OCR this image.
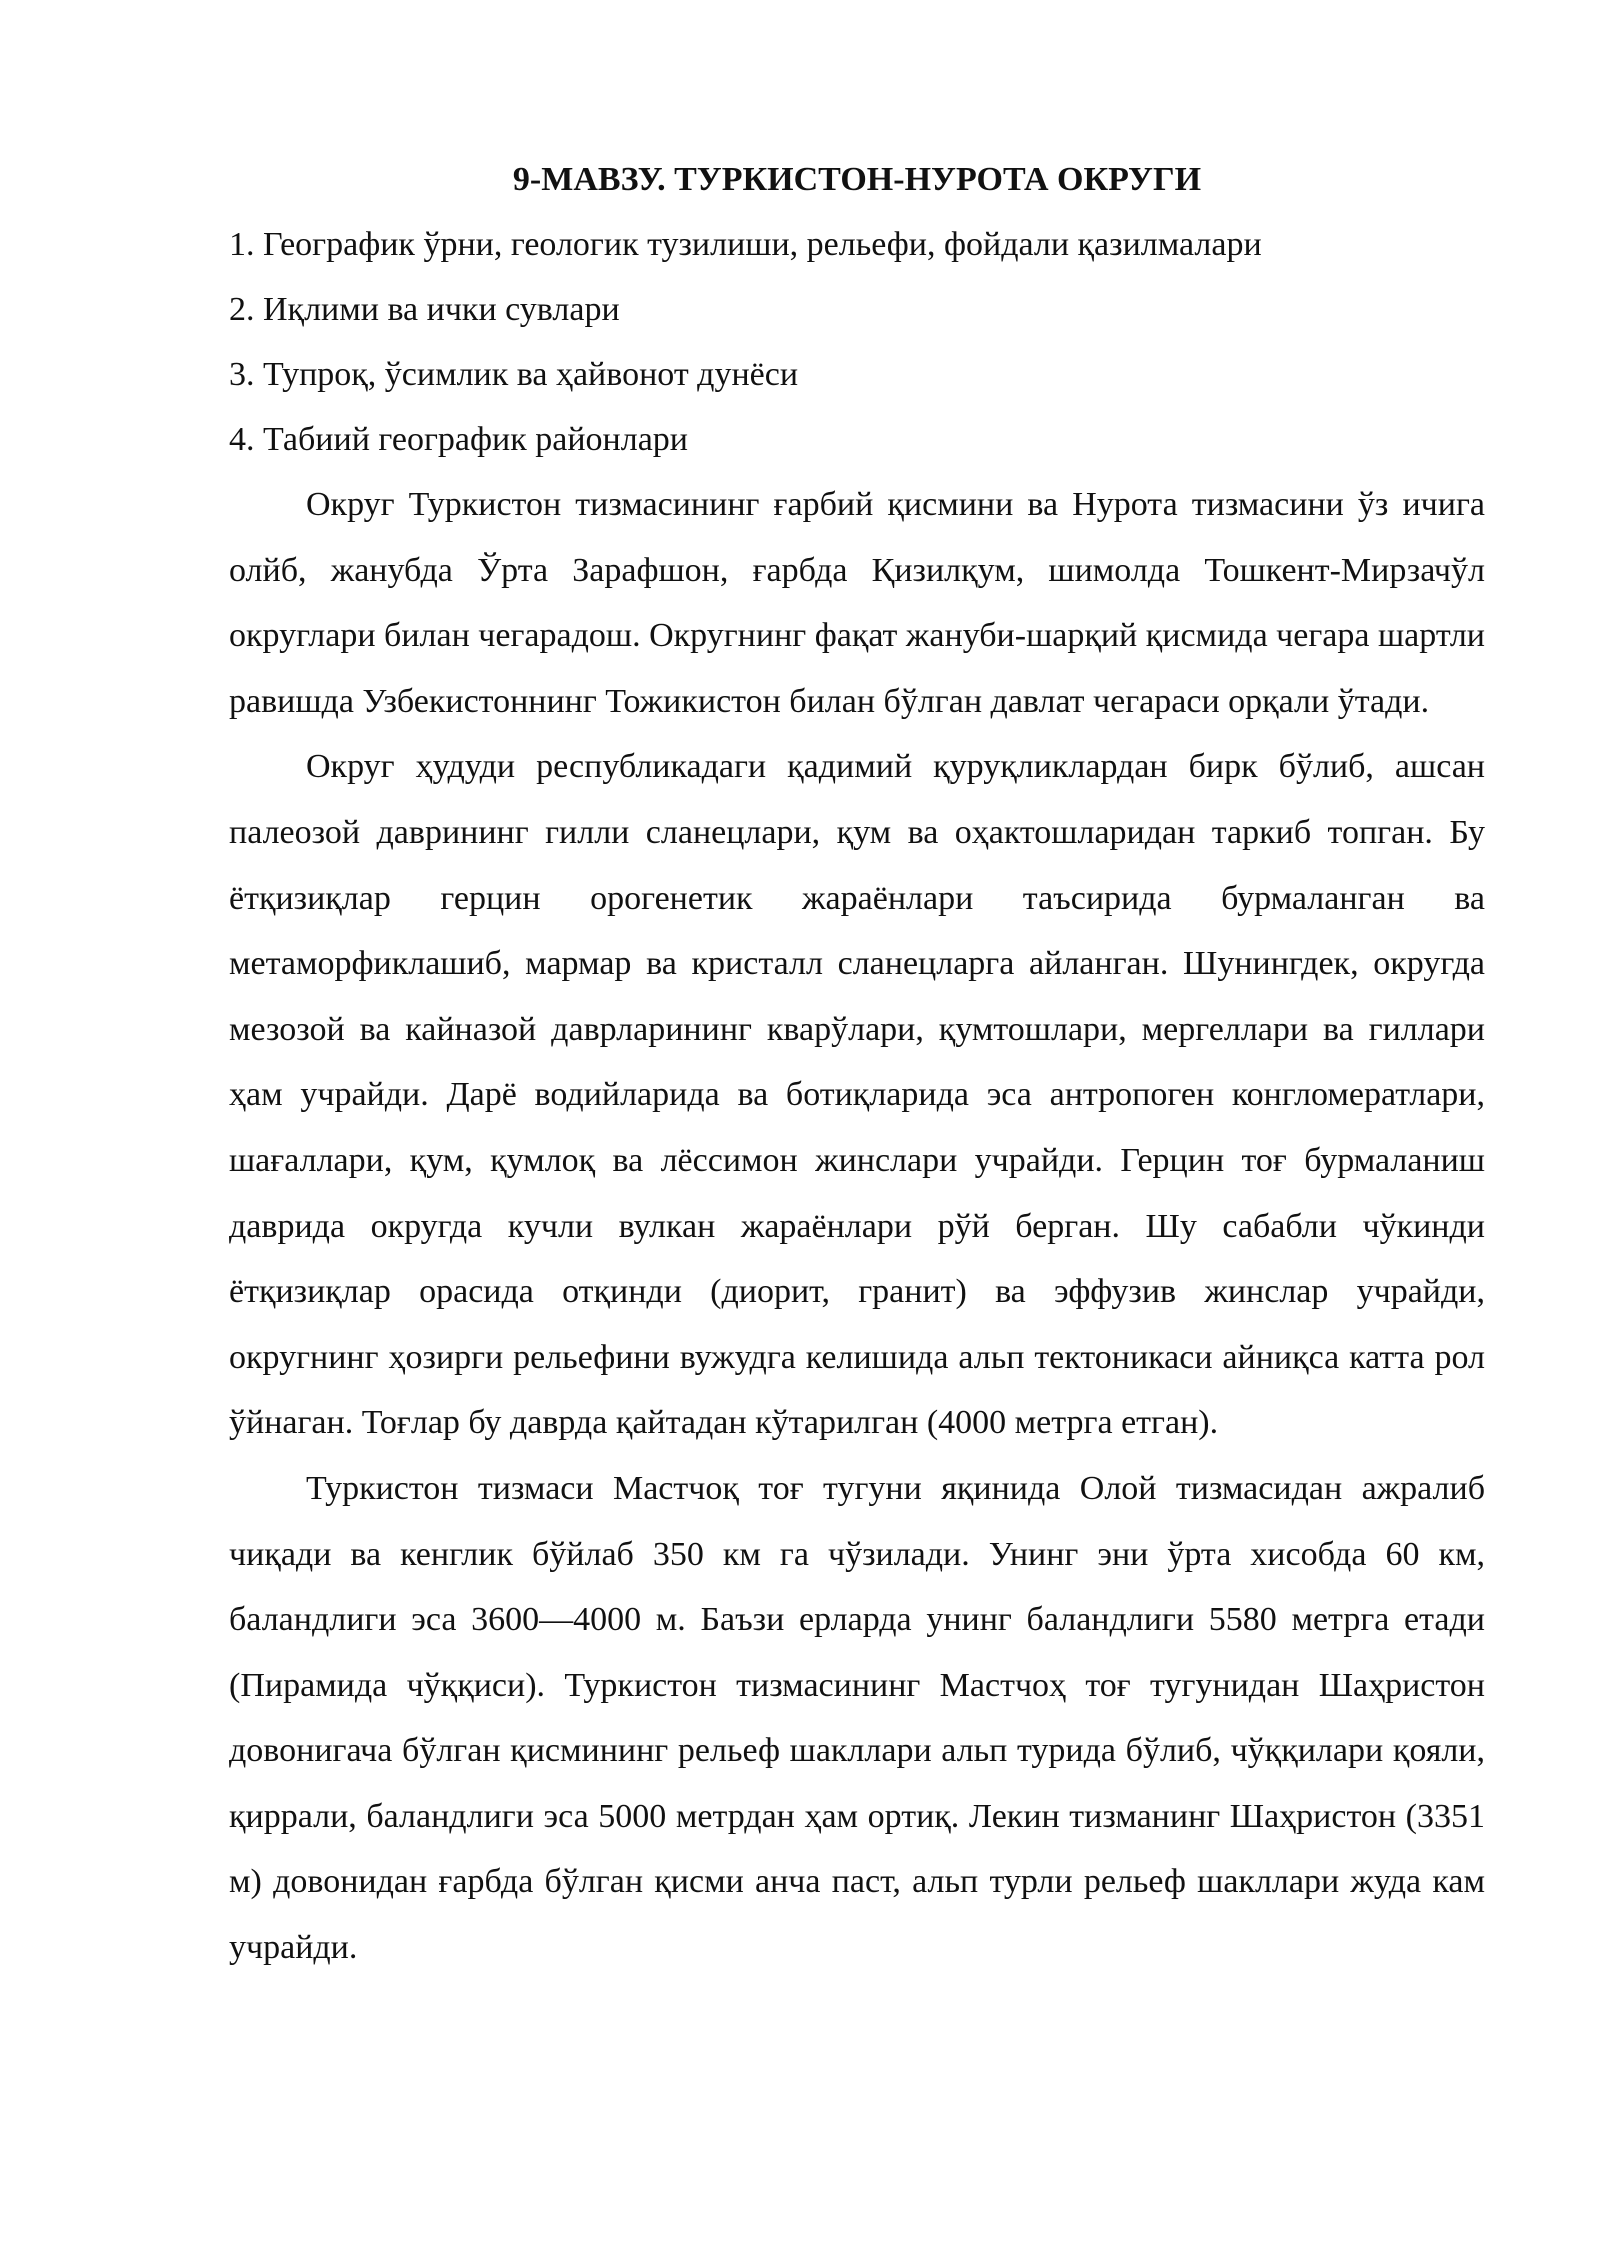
9-МАВЗУ. ТУРКИСТОН-НУРОТА ОКРУГИ

1. Географик ўрни, геологик тузилиши, рельефи, фойдали қазилмалари

2. Иқлими ва ички сувлари

3. Тупроқ, ўсимлик ва ҳайвонот дунёси

4. Табиий географик районлари

Округ Туркистон тизмасининг ғарбий қисмини ва Нурота тизмасини ўз ичига олйб, жанубда Ўрта Зарафшон, ғарбда Қизилқум, шимолда Тошкент-Мирзачўл округлари билан чегарадош. Округнинг фақат жануби-шарқий қисмида чегара шартли равишда Узбекистоннинг Тожикистон билан бўлган давлат чегараси орқали ўтади.

Округ ҳудуди республикадаги қадимий қуруқликлардан бирк бўлиб, ашсан палеозой даврининг гилли сланецлари, қум ва оҳактошларидан таркиб топган. Бу ётқизиқлар герцин орогенетик жараёнлари таъсирида бурмаланган ва метаморфиклашиб, мармар ва кристалл сланецларга айланган. Шунингдек, округда мезозой ва кайназой даврларининг кварўлари, қумтошлари, мергеллари ва гиллари ҳам учрайди. Дарё водийларида ва ботиқларида эса антропоген конгломератлари, шағаллари, қум, қумлоқ ва лёссимон жинслари учрайди. Герцин тоғ бурмаланиш даврида округда кучли вулкан жараёнлари рўй берган. Шу сабабли чўкинди ётқизиқлар орасида отқинди (диорит, гранит) ва эффузив жинслар учрайди, округнинг ҳозирги рельефини вужудга келишида альп тектоникаси айниқса катта рол ўйнаган. Тоғлар бу даврда қайтадан кўтарилган (4000 метрга етган).

Туркистон тизмаси Мастчоқ тоғ тугуни яқинида Олой тизмасидан ажралиб чиқади ва кенглик бўйлаб 350 км га чўзилади. Унинг эни ўрта хисобда 60 км, баландлиги эса 3600—4000 м. Баъзи ерларда унинг баландлиги 5580 метрга етади (Пирамида чўққиси). Туркистон тизмасининг Мастчоҳ тоғ тугунидан Шаҳристон довонигача бўлган қисмининг рельеф шакллари альп турида бўлиб, чўққилари қояли, қиррали, баландлиги эса 5000 метрдан ҳам ортиқ. Лекин тизманинг Шаҳристон (3351 м) довонидан ғарбда бўлган қисми анча паст, альп турли рельеф шакллари жуда кам учрайди.
